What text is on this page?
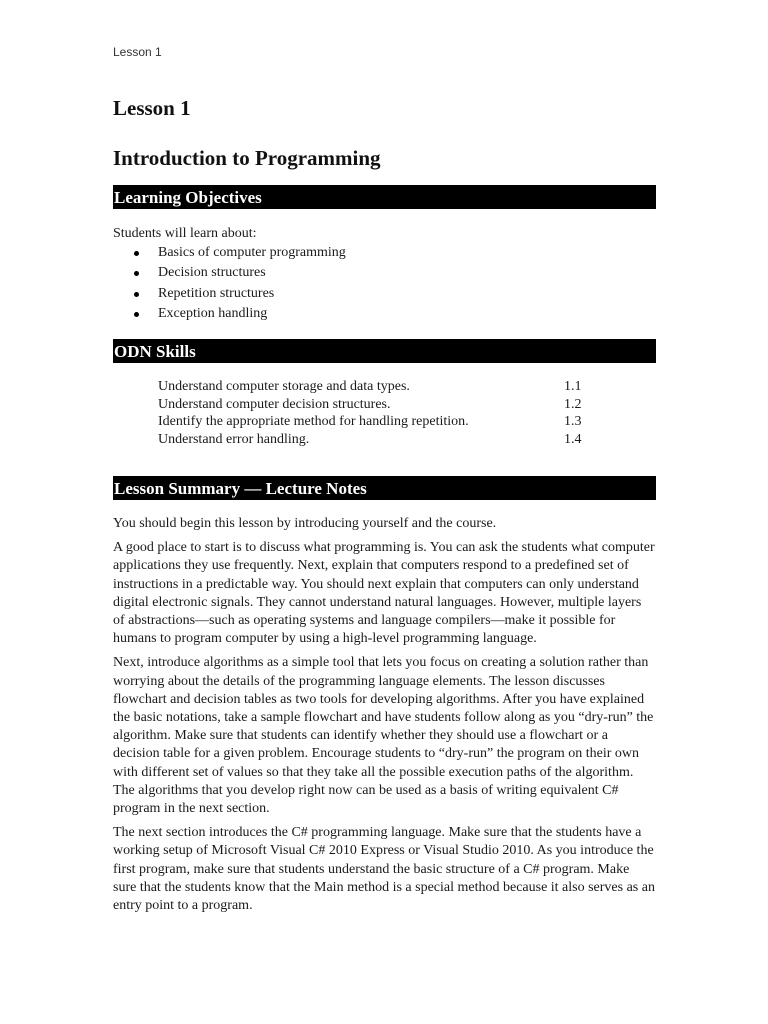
Lesson 1
Lesson 1
Introduction to Programming
Learning Objectives
Students will learn about:
Basics of computer programming
Decision structures
Repetition structures
Exception handling
ODN Skills
Understand computer storage and data types.	1.1
Understand computer decision structures.	1.2
Identify the appropriate method for handling repetition.	1.3
Understand error handling.	1.4
Lesson Summary — Lecture Notes

You should begin this lesson by introducing yourself and the course.

A good place to start is to discuss what programming is. You can ask the students what computer applications they use frequently. Next, explain that computers respond to a predefined set of instructions in a predictable way. You should next explain that computers can only understand digital electronic signals. They cannot understand natural languages. However, multiple layers of abstractions—such as operating systems and language compilers—make it possible for humans to program computer by using a high-level programming language.

Next, introduce algorithms as a simple tool that lets you focus on creating a solution rather than worrying about the details of the programming language elements. The lesson discusses flowchart and decision tables as two tools for developing algorithms. After you have explained the basic notations, take a sample flowchart and have students follow along as you “dry-run” the algorithm. Make sure that students can identify whether they should use a flowchart or a decision table for a given problem. Encourage students to “dry-run” the program on their own with different set of values so that they take all the possible execution paths of the algorithm. The algorithms that you develop right now can be used as a basis of writing equivalent C# program in the next section.

The next section introduces the C# programming language. Make sure that the students have a working setup of Microsoft Visual C# 2010 Express or Visual Studio 2010. As you introduce the first program, make sure that students understand the basic structure of a C# program. Make sure that the students know that the Main method is a special method because it also serves as an entry point to a program.
